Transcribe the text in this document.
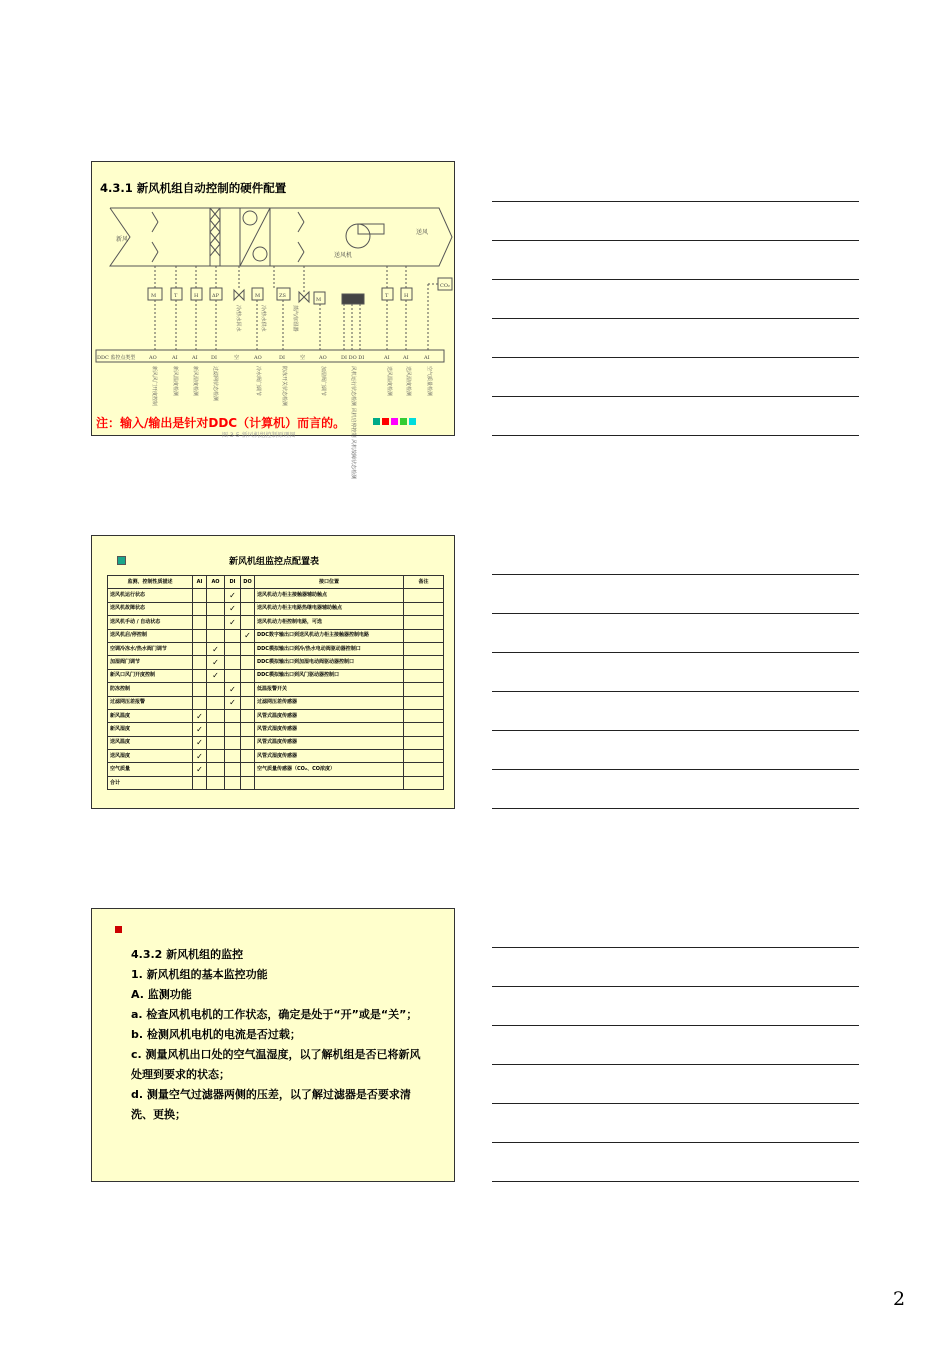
4.3.1 新风机组自动控制的硬件配置
新风
送风
送风机
CO₂
DDC 监控点类型
M	T	H	ΔP	M	ZS
M
T	H
AO	AI	AI	DI	空	AO	DI	空	AO	DI DO DI	AI	AI	AI
冷/热水回水	冷/热水供水	蒸汽/加湿器
新风风门开度控制	新风温度检测	新风湿度检测	过滤网状态检测	冷水阀门调节	防冻开关状态检测	加湿阀门调节	风机运行状态检测 风机启停控制 风机故障状态检测	送风温度检测	送风湿度检测	空气质量检测
注：输入/输出是针对DDC（计算机）而言的。
图 3-5 新风机组控制原理图
新风机组监控点配置表
监测、控制性质描述	AI	AO	DI	DO	接口位置	备注
送风机运行状态			✓		送风机动力柜主接触器辅助触点	
送风机故障状态			✓		送风机动力柜主电路热继电器辅助触点	
送风机手动 / 自动状态			✓		送风机动力柜控制电路，可选	
送风机启/停控制				✓	DDC数字输出口到送风机动力柜主接触器控制电路	
空调冷冻水/热水阀门调节		✓			DDC模拟输出口到冷/热水电动阀驱动器控制口	
加湿阀门调节		✓			DDC模拟输出口到加湿电动阀驱动器控制口	
新风口风门开度控制		✓			DDC模拟输出口到风门驱动器控制口	
防冻控制			✓		低温报警开关	
过滤网压差报警			✓		过滤网压差传感器	
新风温度	✓				风管式温度传感器	
新风湿度	✓				风管式湿度传感器	
送风温度	✓				风管式温度传感器	
送风湿度	✓				风管式湿度传感器	
空气质量	✓				空气质量传感器（CO₂、CO浓度）	
合计						

4.3.2 新风机组的监控

1. 新风机组的基本监控功能

A. 监测功能

a. 检查风机电机的工作状态，确定是处于“开”或是“关”；

b. 检测风机电机的电流是否过载；

c. 测量风机出口处的空气温湿度，以了解机组是否已将新风处理到要求的状态；

d. 测量空气过滤器两侧的压差，以了解过滤器是否要求清洗、更换；

2
